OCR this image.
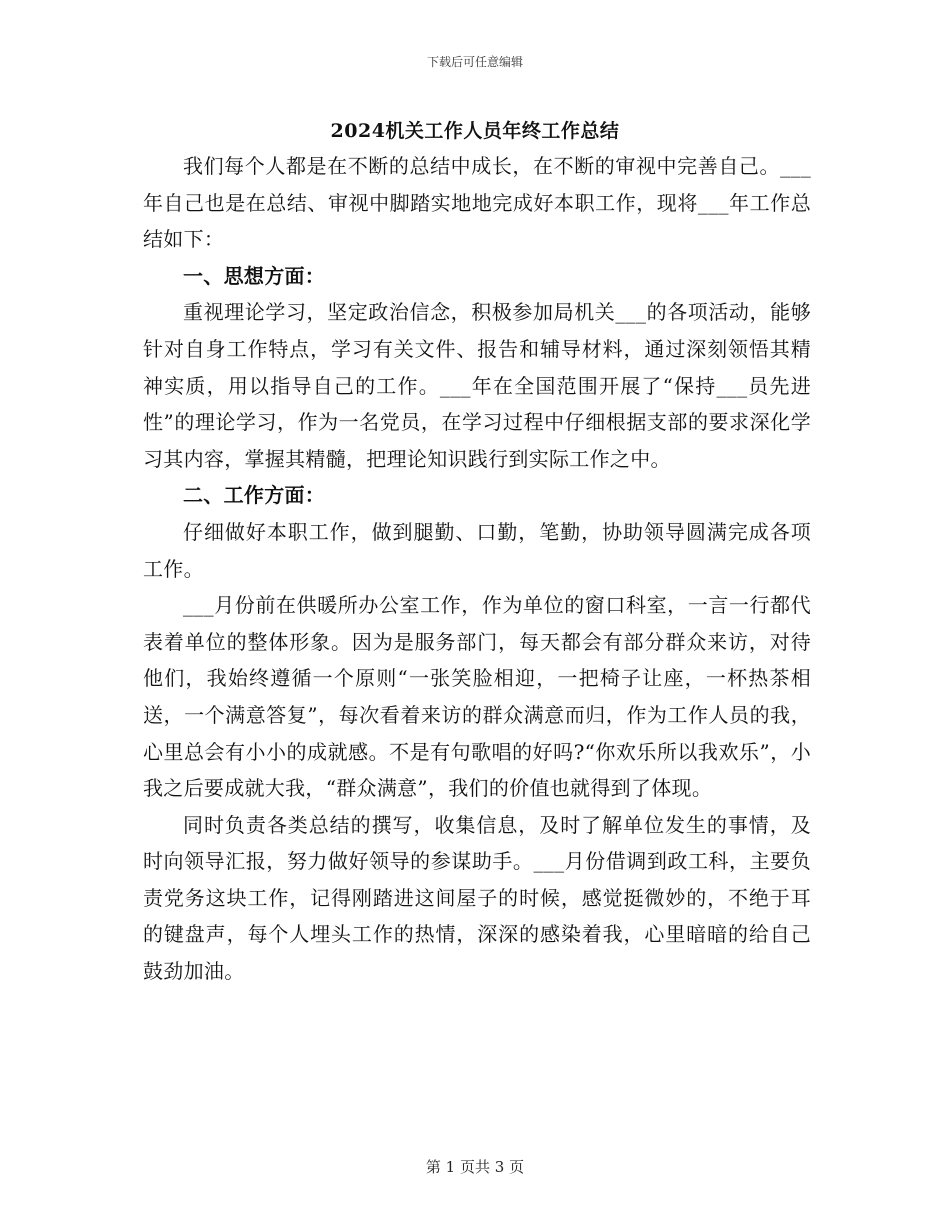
下载后可任意编辑
2024机关工作人员年终工作总结

我们每个人都是在不断的总结中成长，在不断的审视中完善自己。___年自己也是在总结、审视中脚踏实地地完成好本职工作，现将___年工作总结如下：

一、思想方面：

重视理论学习，坚定政治信念，积极参加局机关___的各项活动，能够针对自身工作特点，学习有关文件、报告和辅导材料，通过深刻领悟其精神实质，用以指导自己的工作。___年在全国范围开展了“保持___员先进性”的理论学习，作为一名党员，在学习过程中仔细根据支部的要求深化学习其内容，掌握其精髓，把理论知识践行到实际工作之中。

二、工作方面：

仔细做好本职工作，做到腿勤、口勤，笔勤，协助领导圆满完成各项工作。

___月份前在供暖所办公室工作，作为单位的窗口科室，一言一行都代表着单位的整体形象。因为是服务部门，每天都会有部分群众来访，对待他们，我始终遵循一个原则“一张笑脸相迎，一把椅子让座，一杯热茶相送，一个满意答复”，每次看着来访的群众满意而归，作为工作人员的我，心里总会有小小的成就感。不是有句歌唱的好吗?“你欢乐所以我欢乐”，小我之后要成就大我，“群众满意”，我们的价值也就得到了体现。

同时负责各类总结的撰写，收集信息，及时了解单位发生的事情，及时向领导汇报，努力做好领导的参谋助手。___月份借调到政工科，主要负责党务这块工作，记得刚踏进这间屋子的时候，感觉挺微妙的，不绝于耳的键盘声，每个人埋头工作的热情，深深的感染着我，心里暗暗的给自己鼓劲加油。

第 1 页共 3 页
